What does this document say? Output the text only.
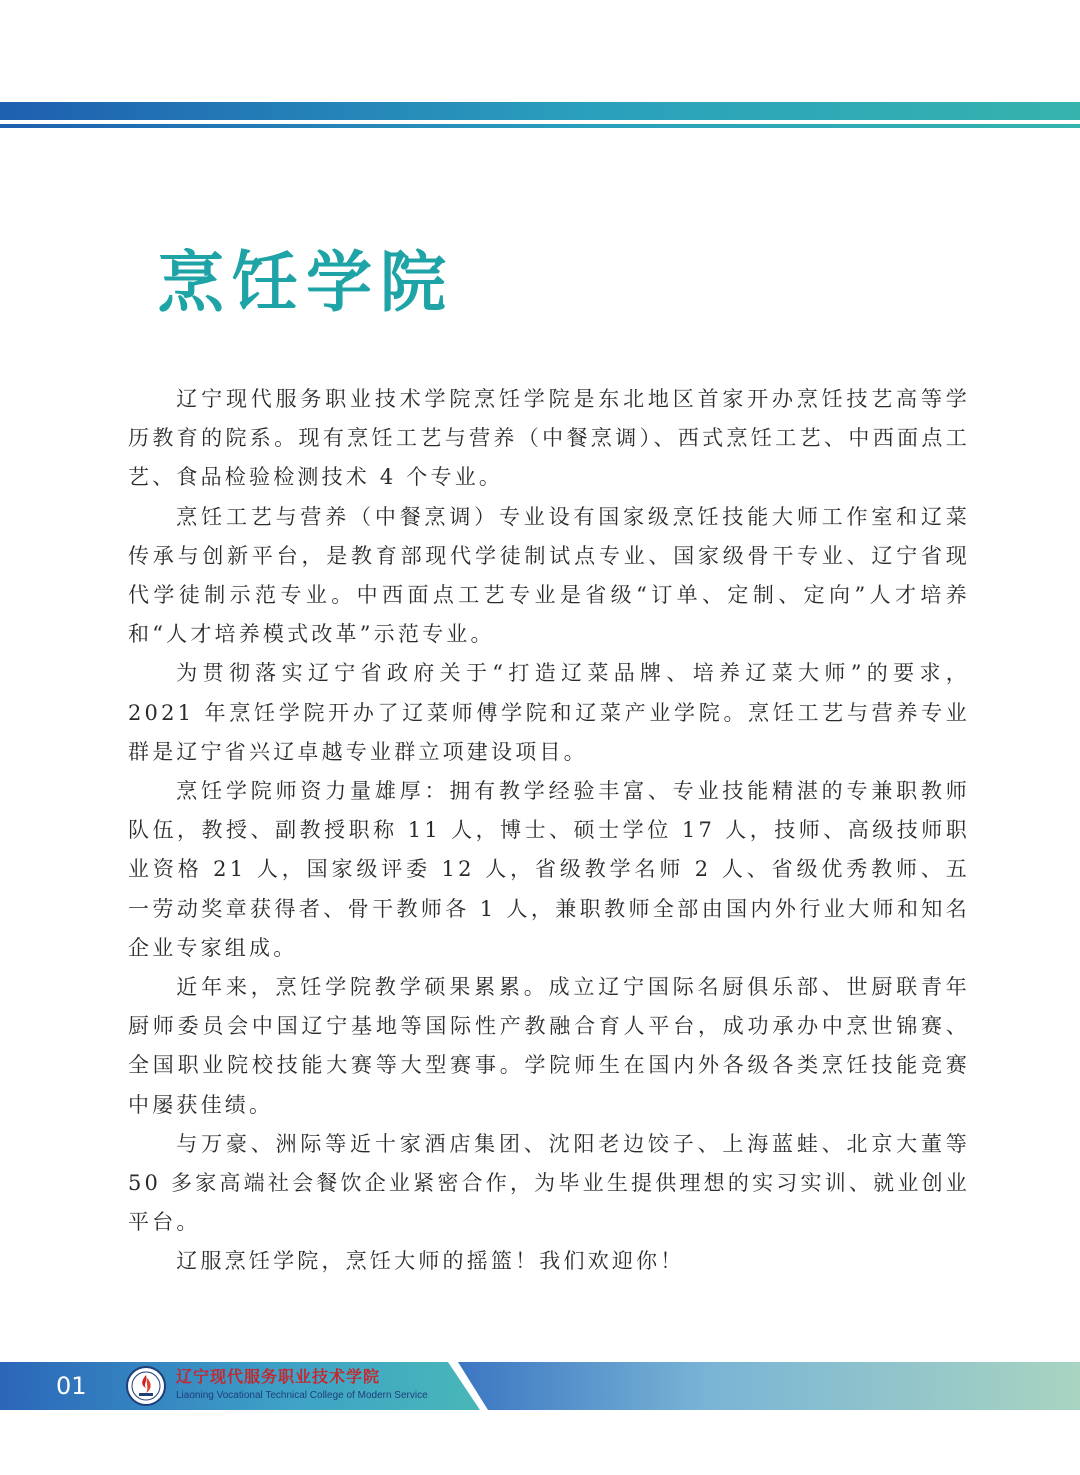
烹饪学院

辽宁现代服务职业技术学院烹饪学院是东北地区首家开办烹饪技艺高等学历教育的院系。现有烹饪工艺与营养（中餐烹调）、西式烹饪工艺、中西面点工艺、食品检验检测技术 4 个专业。

烹饪工艺与营养（中餐烹调）专业设有国家级烹饪技能大师工作室和辽菜传承与创新平台，是教育部现代学徒制试点专业、国家级骨干专业、辽宁省现代学徒制示范专业。中西面点工艺专业是省级“订单、定制、定向”人才培养和“人才培养模式改革”示范专业。

为贯彻落实辽宁省政府关于“打造辽菜品牌、培养辽菜大师”的要求，2021 年烹饪学院开办了辽菜师傅学院和辽菜产业学院。烹饪工艺与营养专业群是辽宁省兴辽卓越专业群立项建设项目。

烹饪学院师资力量雄厚：拥有教学经验丰富、专业技能精湛的专兼职教师队伍，教授、副教授职称 11 人，博士、硕士学位 17 人，技师、高级技师职业资格 21 人，国家级评委 12 人，省级教学名师 2 人、省级优秀教师、五一劳动奖章获得者、骨干教师各 1 人，兼职教师全部由国内外行业大师和知名企业专家组成。

近年来，烹饪学院教学硕果累累。成立辽宁国际名厨俱乐部、世厨联青年厨师委员会中国辽宁基地等国际性产教融合育人平台，成功承办中烹世锦赛、全国职业院校技能大赛等大型赛事。学院师生在国内外各级各类烹饪技能竞赛中屡获佳绩。

与万豪、洲际等近十家酒店集团、沈阳老边饺子、上海蓝蛙、北京大董等 50 多家高端社会餐饮企业紧密合作，为毕业生提供理想的实习实训、就业创业平台。

辽服烹饪学院，烹饪大师的摇篮！我们欢迎你！

01	辽宁现代服务职业技术学院
Liaoning Vocational Technical College of Modern Service
